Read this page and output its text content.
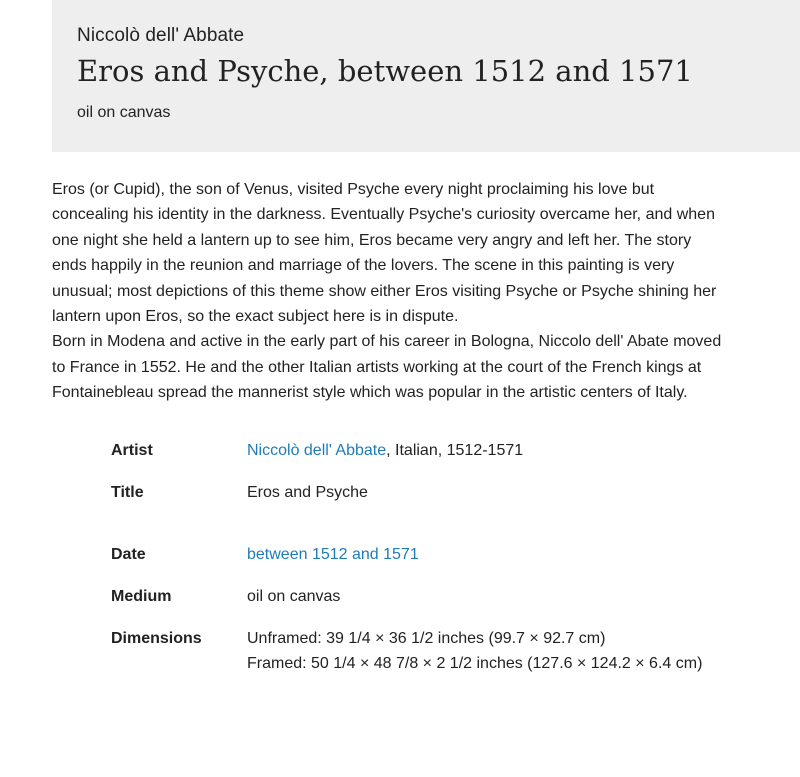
Niccolò dell' Abbate
Eros and Psyche, between 1512 and 1571
oil on canvas

Eros (or Cupid), the son of Venus, visited Psyche every night proclaiming his love but concealing his identity in the darkness. Eventually Psyche's curiosity overcame her, and when one night she held a lantern up to see him, Eros became very angry and left her. The story ends happily in the reunion and marriage of the lovers. The scene in this painting is very unusual; most depictions of this theme show either Eros visiting Psyche or Psyche shining her lantern upon Eros, so the exact subject here is in dispute.

Born in Modena and active in the early part of his career in Bologna, Niccolo dell' Abate moved to France in 1552. He and the other Italian artists working at the court of the French kings at Fontainebleau spread the mannerist style which was popular in the artistic centers of Italy.

Artist	Niccolò dell' Abbate, Italian, 1512-1571
Title	Eros and Psyche
Date	between 1512 and 1571
Medium	oil on canvas
Dimensions	Unframed: 39 1/4 × 36 1/2 inches (99.7 × 92.7 cm)
Framed: 50 1/4 × 48 7/8 × 2 1/2 inches (127.6 × 124.2 × 6.4 cm)
